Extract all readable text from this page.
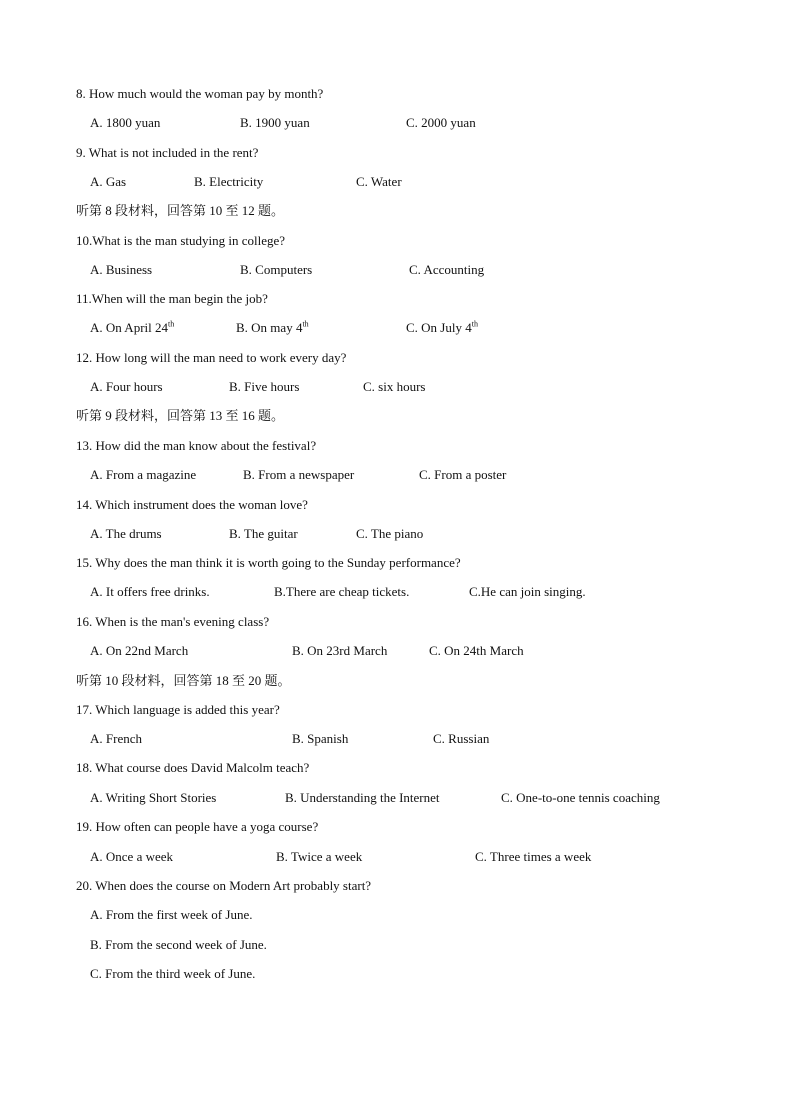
8. How much would the woman pay by month?
A. 1800 yuan	B. 1900 yuan	C. 2000 yuan
9. What is not included in the rent?
A. Gas	B. Electricity	C. Water
听第 8 段材料，回答第 10 至 12 题。
10.What is the man studying in college?
A. Business	B. Computers	C. Accounting
11.When will the man begin the job?
A. On April 24th	B. On may 4th	C. On July 4th
12. How long will the man need to work every day?
A. Four hours	B. Five hours	C. six hours
听第 9 段材料，回答第 13 至 16 题。
13. How did the man know about the festival?
A. From a magazine	B. From a newspaper	C. From a poster
14. Which instrument does the woman love?
A. The drums	B. The guitar	C. The piano
15. Why does the man think it is worth going to the Sunday performance?
A. It offers free drinks.	B.There are cheap tickets.	C.He can join singing.
16. When is the man's evening class?
A. On 22nd March	B. On 23rd March	C. On 24th March
听第 10 段材料，回答第 18 至 20 题。
17. Which language is added this year?
A. French	B. Spanish	C. Russian
18. What course does David Malcolm teach?
A. Writing Short Stories	B. Understanding the Internet	C. One-to-one tennis coaching
19. How often can people have a yoga course?
A. Once a week	B. Twice a week	C. Three times a week
20. When does the course on Modern Art probably start?
A. From the first week of June.
B. From the second week of June.
C. From the third week of June.
